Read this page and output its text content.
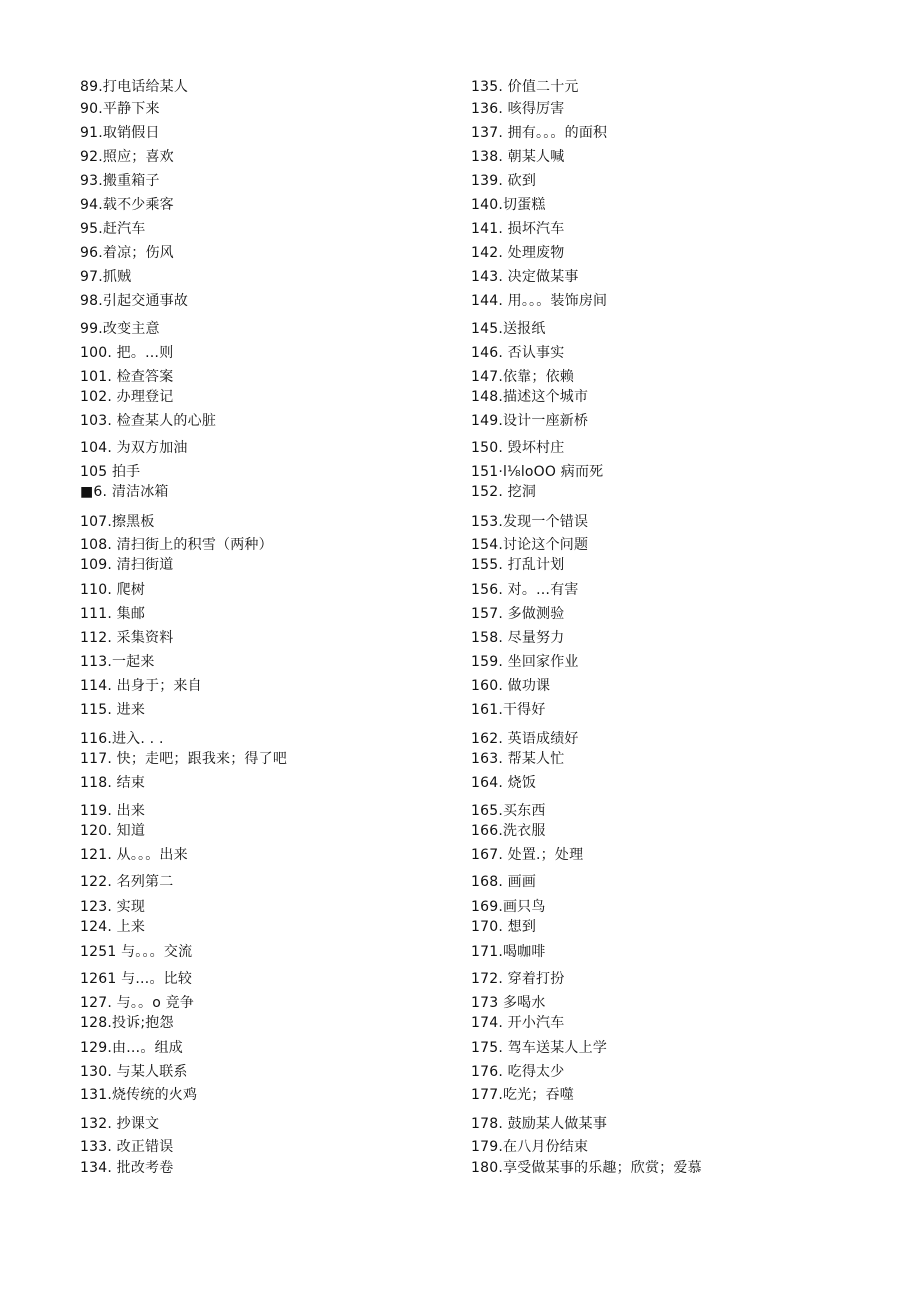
89.打电话给某人
90.平静下来
91.取销假日
92.照应；喜欢
93.搬重箱子
94.载不少乘客
95.赶汽车
96.着凉；伤风
97.抓贼
98.引起交通事故
99.改变主意
100. 把。…则
101. 检查答案
102. 办理登记
103. 检查某人的心脏
104. 为双方加油
105 拍手
■6. 清洁冰箱
107.擦黑板
108. 清扫街上的积雪（两种）
109. 清扫街道
110. 爬树
111. 集邮
112. 采集资料
113.一起来
114. 出身于；来自
115. 进来
116.进入. . .
117. 快；走吧；跟我来；得了吧
118. 结束
119. 出来
120. 知道
121. 从。。。出来
122. 名列第二
123. 实现
124. 上来
1251 与。。。交流
1261 与…。比较
127. 与。。o 竞争
128.投诉;抱怨
129.由…。组成
130. 与某人联系
131.烧传统的火鸡
132. 抄课文
133. 改正错误
134. 批改考卷
135. 价值二十元
136. 咳得厉害
137. 拥有。。。的面积
138. 朝某人喊
139. 砍到
140.切蛋糕
141. 损坏汽车
142. 处理废物
143. 决定做某事
144. 用。。。装饰房间
145.送报纸
146. 否认事实
147.依靠；依赖
148.描述这个城市
149.设计一座新桥
150. 毁坏村庄
151·l⅛loOO 病而死
152. 挖洞
153.发现一个错误
154.讨论这个问题
155. 打乱计划
156. 对。…有害
157. 多做测验
158. 尽量努力
159. 坐回家作业
160. 做功课
161.干得好
162. 英语成绩好
163. 帮某人忙
164. 烧饭
165.买东西
166.洗衣服
167. 处置.；处理
168. 画画
169.画只鸟
170. 想到
171.喝咖啡
172. 穿着打扮
173 多喝水
174. 开小汽车
175. 驾车送某人上学
176. 吃得太少
177.吃光；吞噬
178. 鼓励某人做某事
179.在八月份结束
180.享受做某事的乐趣；欣赏；爱慕
